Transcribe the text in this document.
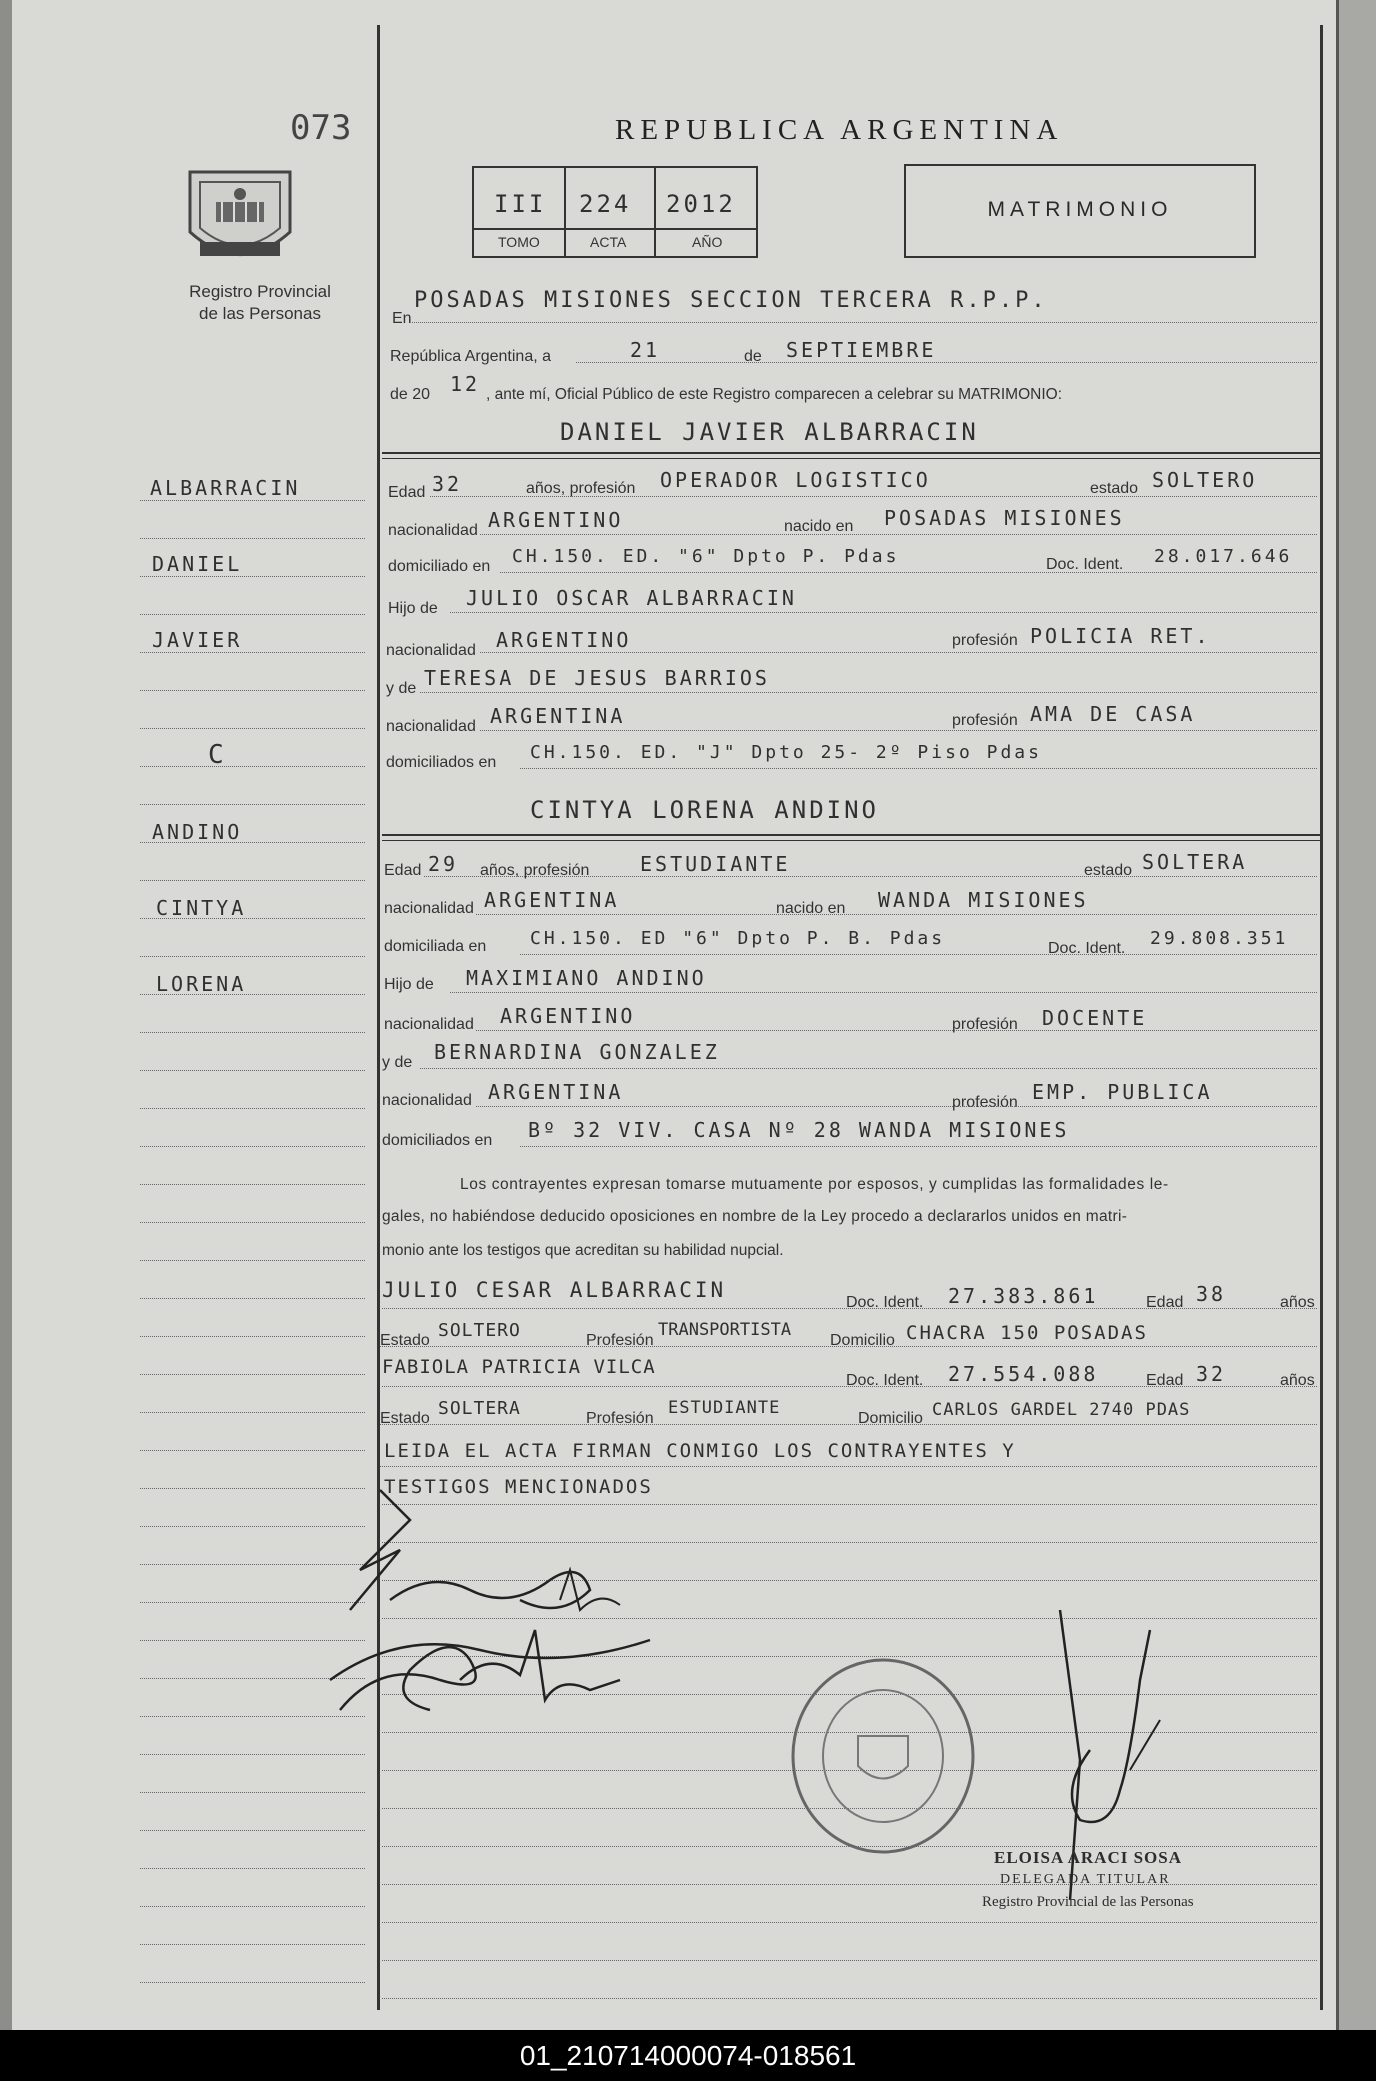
073
Registro Provincial
de las Personas
REPUBLICA ARGENTINA
III 224 2012
TOMO	ACTA	AÑO
MATRIMONIO
ALBARRACIN
DANIEL
JAVIER
C
ANDINO
CINTYA
LORENA
En
POSADAS MISIONES SECCION TERCERA R.P.P.
República Argentina, a	21	de SEPTIEMBRE
de 20 12 , ante mí, Oficial Público de este Registro comparecen a celebrar su MATRIMONIO:
DANIEL JAVIER ALBARRACIN
Edad 32	años, profesión OPERADOR LOGISTICO	estado SOLTERO
nacionalidad ARGENTINO	nacido en POSADAS MISIONES
domiciliado en CH.150. ED. "6" Dpto P. Pdas	Doc. Ident. 28.017.646
Hijo de JULIO OSCAR ALBARRACIN
nacionalidad ARGENTINO	profesión POLICIA RET.
y de TERESA DE JESUS BARRIOS
nacionalidad ARGENTINA	profesión AMA DE CASA
domiciliados en CH.150. ED. "J" Dpto 25- 2º Piso Pdas
CINTYA LORENA ANDINO
Edad 29 años, profesión	ESTUDIANTE	estado SOLTERA
nacionalidad ARGENTINA	nacido en WANDA MISIONES
domiciliada en CH.150. ED "6" Dpto P. B. Pdas	Doc. Ident. 29.808.351
Hijo de MAXIMIANO ANDINO
nacionalidad ARGENTINO	profesión DOCENTE
y de BERNARDINA GONZALEZ
nacionalidad ARGENTINA	profesión EMP. PUBLICA
domiciliados en Bº 32 VIV. CASA Nº 28 WANDA MISIONES
Los contrayentes expresan tomarse mutuamente por esposos, y cumplidas las formalidades le-
gales, no habiéndose deducido oposiciones en nombre de la Ley procedo a declararlos unidos en matri-
monio ante los testigos que acreditan su habilidad nupcial.
JULIO CESAR ALBARRACIN
Doc. Ident. 27.383.861	Edad 38	años
Estado SOLTERO	Profesión
TRANSPORTISTA
Domicilio CHACRA 150 POSADAS
FABIOLA PATRICIA VILCA
Doc. Ident. 27.554.088	Edad 32	años
Estado SOLTERA	Profesión
ESTUDIANTE
Domicilio CARLOS GARDEL 2740 PDAS
LEIDA EL ACTA FIRMAN CONMIGO LOS CONTRAYENTES Y
TESTIGOS MENCIONADOS
ELOISA ARACI SOSA
DELEGADA TITULAR
Registro Provincial de las Personas
01_210714000074-018561
